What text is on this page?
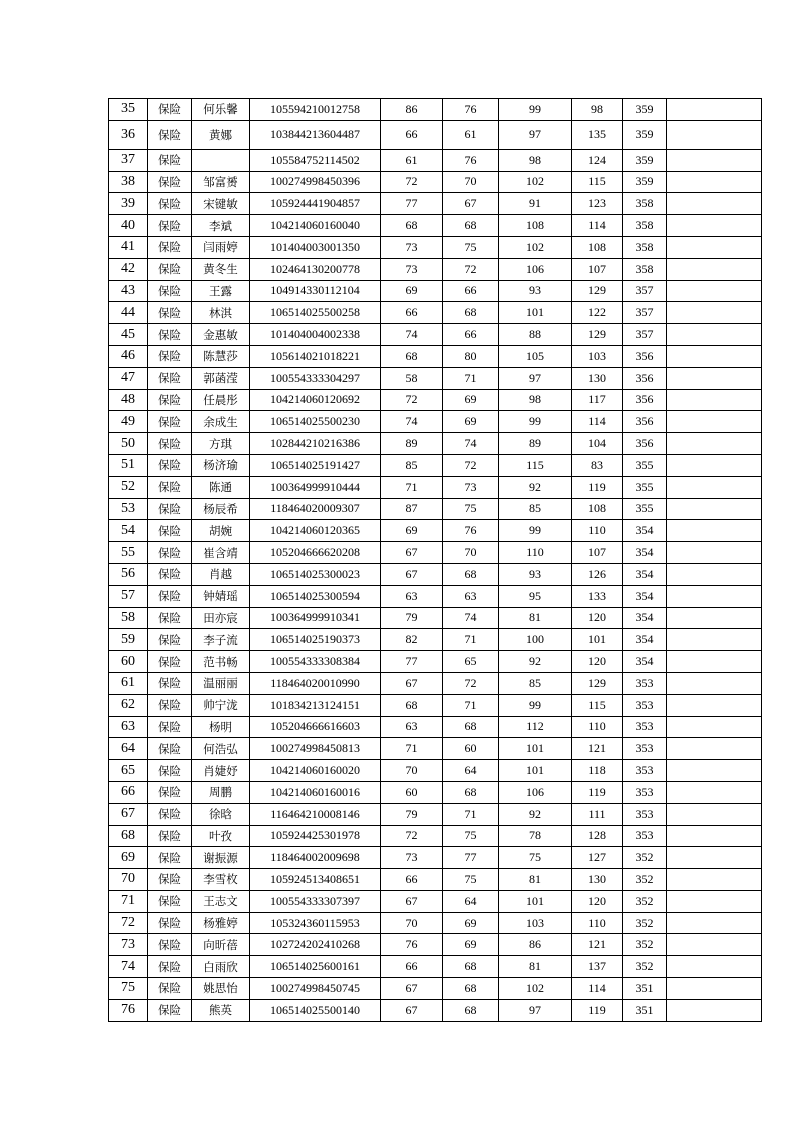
35	保险	何乐馨	105594210012758	86	76	99	98	359	
36	保险	黄娜	103844213604487	66	61	97	135	359	
37	保险		105584752114502	61	76	98	124	359	
38	保险	邹富赟	100274998450396	72	70	102	115	359	
39	保险	宋键敏	105924441904857	77	67	91	123	358	
40	保险	李斌	104214060160040	68	68	108	114	358	
41	保险	闫雨婷	101404003001350	73	75	102	108	358	
42	保险	黄冬生	102464130200778	73	72	106	107	358	
43	保险	王露	104914330112104	69	66	93	129	357	
44	保险	林淇	106514025500258	66	68	101	122	357	
45	保险	金惠敏	101404004002338	74	66	88	129	357	
46	保险	陈慧莎	105614021018221	68	80	105	103	356	
47	保险	郭菡滢	100554333304297	58	71	97	130	356	
48	保险	任晨彤	104214060120692	72	69	98	117	356	
49	保险	余成生	106514025500230	74	69	99	114	356	
50	保险	方琪	102844210216386	89	74	89	104	356	
51	保险	杨济瑜	106514025191427	85	72	115	83	355	
52	保险	陈通	100364999910444	71	73	92	119	355	
53	保险	杨辰希	118464020009307	87	75	85	108	355	
54	保险	胡婉	104214060120365	69	76	99	110	354	
55	保险	崔含靖	105204666620208	67	70	110	107	354	
56	保险	肖越	106514025300023	67	68	93	126	354	
57	保险	钟婧瑶	106514025300594	63	63	95	133	354	
58	保险	田亦宸	100364999910341	79	74	81	120	354	
59	保险	李子流	106514025190373	82	71	100	101	354	
60	保险	范书畅	100554333308384	77	65	92	120	354	
61	保险	温丽丽	118464020010990	67	72	85	129	353	
62	保险	帅宁泷	101834213124151	68	71	99	115	353	
63	保险	杨明	105204666616603	63	68	112	110	353	
64	保险	何浩弘	100274998450813	71	60	101	121	353	
65	保险	肖婕妤	104214060160020	70	64	101	118	353	
66	保险	周鹏	104214060160016	60	68	106	119	353	
67	保险	徐晗	116464210008146	79	71	92	111	353	
68	保险	叶孜	105924425301978	72	75	78	128	353	
69	保险	谢振源	118464002009698	73	77	75	127	352	
70	保险	李雪枚	105924513408651	66	75	81	130	352	
71	保险	王志文	100554333307397	67	64	101	120	352	
72	保险	杨雅婷	105324360115953	70	69	103	110	352	
73	保险	向昕蓓	102724202410268	76	69	86	121	352	
74	保险	白雨欣	106514025600161	66	68	81	137	352	
75	保险	姚思怡	100274998450745	67	68	102	114	351	
76	保险	熊英	106514025500140	67	68	97	119	351	
